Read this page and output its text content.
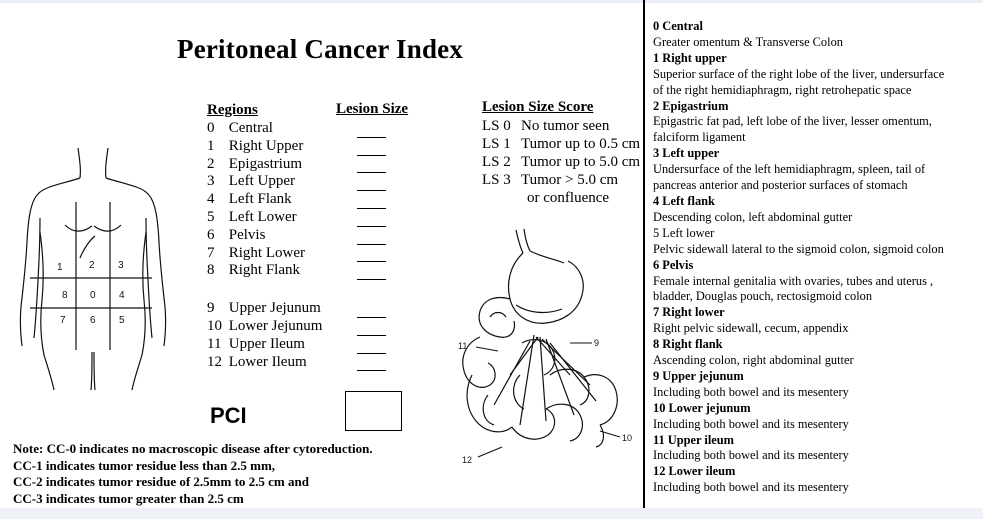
Peritoneal Cancer Index
Regions	Lesion Size	Lesion Size Score
0 Central
1 Right Upper
2 Epigastrium
3 Left Upper
4 Left Flank
5 Left Lower
6 Pelvis
7 Right Lower
8 Right Flank
9 Upper Jejunum
10 Lower Jejunum
11 Upper Ileum
12 Lower Ileum
LS 0 No tumor seen
LS 1 Tumor up to 0.5 cm
LS 2 Tumor up to 5.0 cm
LS 3 Tumor > 5.0 cm
or confluence
1	2 3
8 0 4
7 6 5
9
11
10
12
PCI
Note: CC-0 indicates no macroscopic disease after cytoreduction.
CC-1 indicates tumor residue less than 2.5 mm,
CC-2 indicates tumor residue of 2.5mm to 2.5 cm and
CC-3 indicates tumor greater than 2.5 cm
0 Central
Greater omentum & Transverse Colon
1 Right upper
Superior surface of the right lobe of the liver, undersurface
of the right hemidiaphragm, right retrohepatic space
2 Epigastrium
Epigastric fat pad, left lobe of the liver, lesser omentum,
falciform ligament
3 Left upper
Undersurface of the left hemidiaphragm, spleen, tail of
pancreas anterior and posterior surfaces of stomach
4 Left flank
Descending colon, left abdominal gutter
5 Left lower
Pelvic sidewall lateral to the sigmoid colon, sigmoid colon
6 Pelvis
Female internal genitalia with ovaries, tubes and uterus ,
bladder, Douglas pouch, rectosigmoid colon
7 Right lower
Right pelvic sidewall, cecum, appendix
8 Right flank
Ascending colon, right abdominal gutter
9 Upper jejunum
Including both bowel and its mesentery
10 Lower jejunum
Including both bowel and its mesentery
11 Upper ileum
Including both bowel and its mesentery
12 Lower ileum
Including both bowel and its mesentery
